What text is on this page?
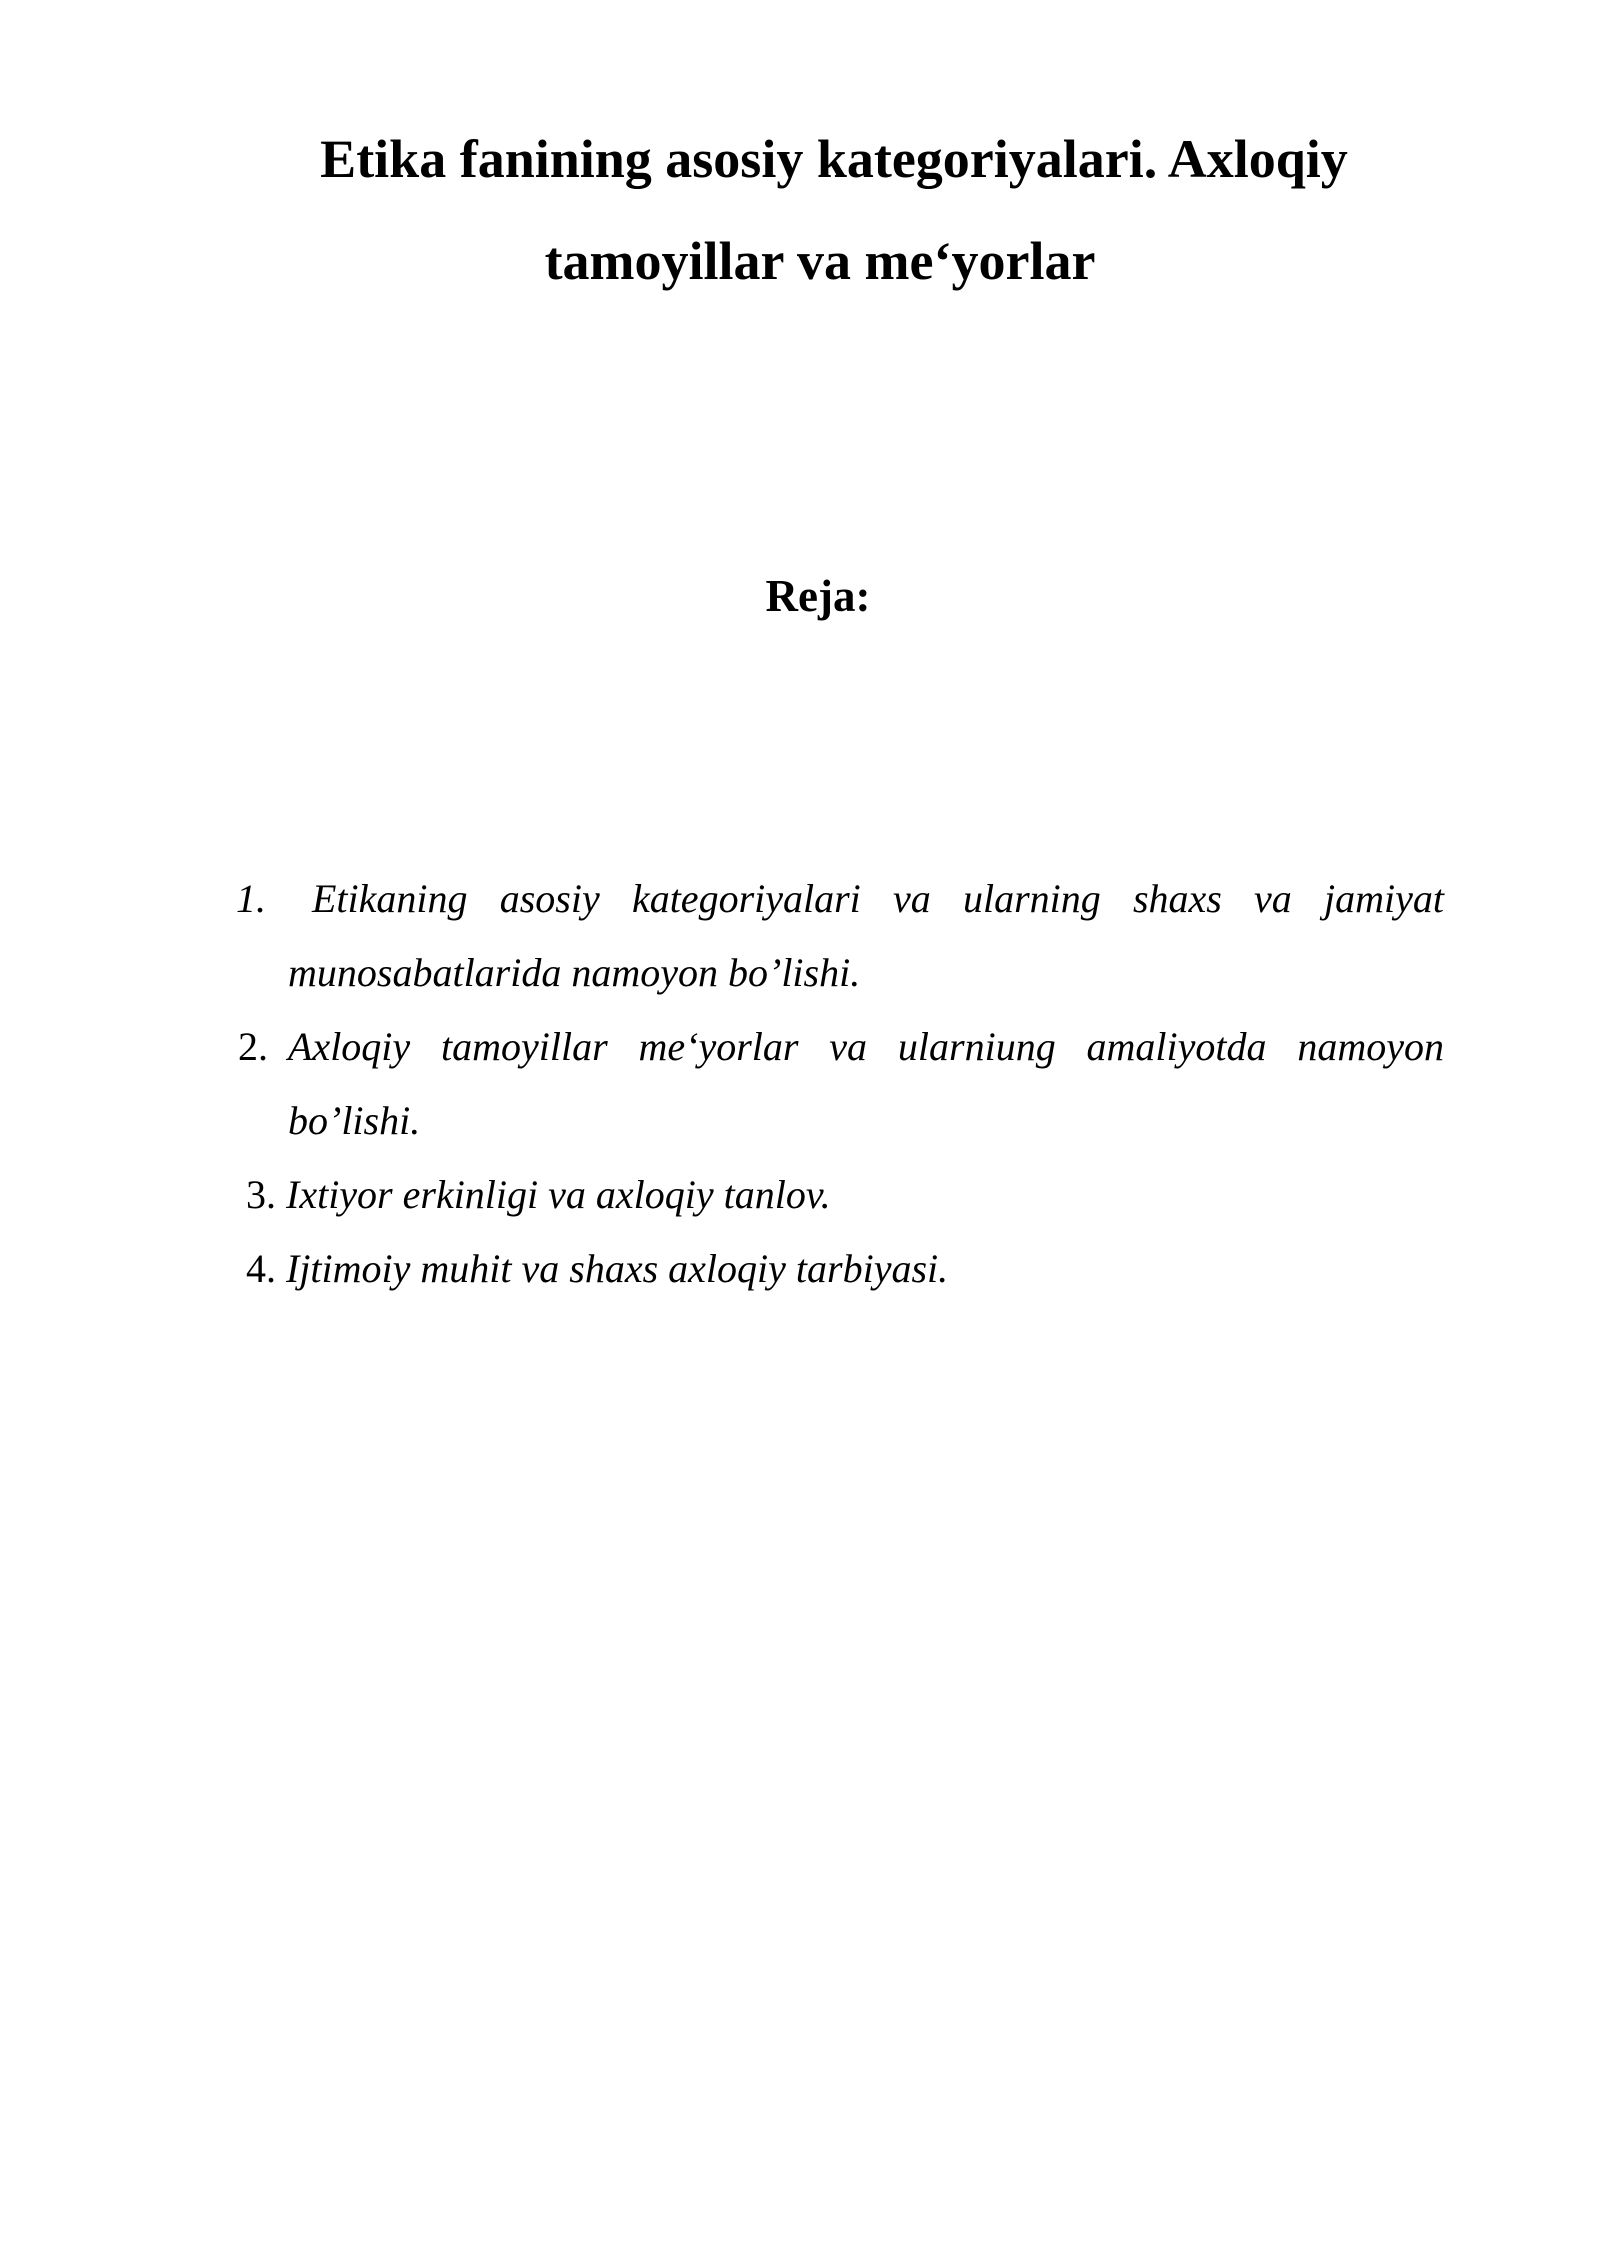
Etika fanining asosiy kategoriyalari. Axloqiy
tamoyillar va me‘yorlar
Reja:
1.	Etikaning asosiy kategoriyalari va ularning shaxs va jamiyat munosabatlarida namoyon bo’lishi.
2. Axloqiy tamoyillar me‘yorlar va ularniung amaliyotda namoyon bo’lishi.
3. Ixtiyor erkinligi va axloqiy tanlov.
4. Ijtimoiy muhit va shaxs axloqiy tarbiyasi.
